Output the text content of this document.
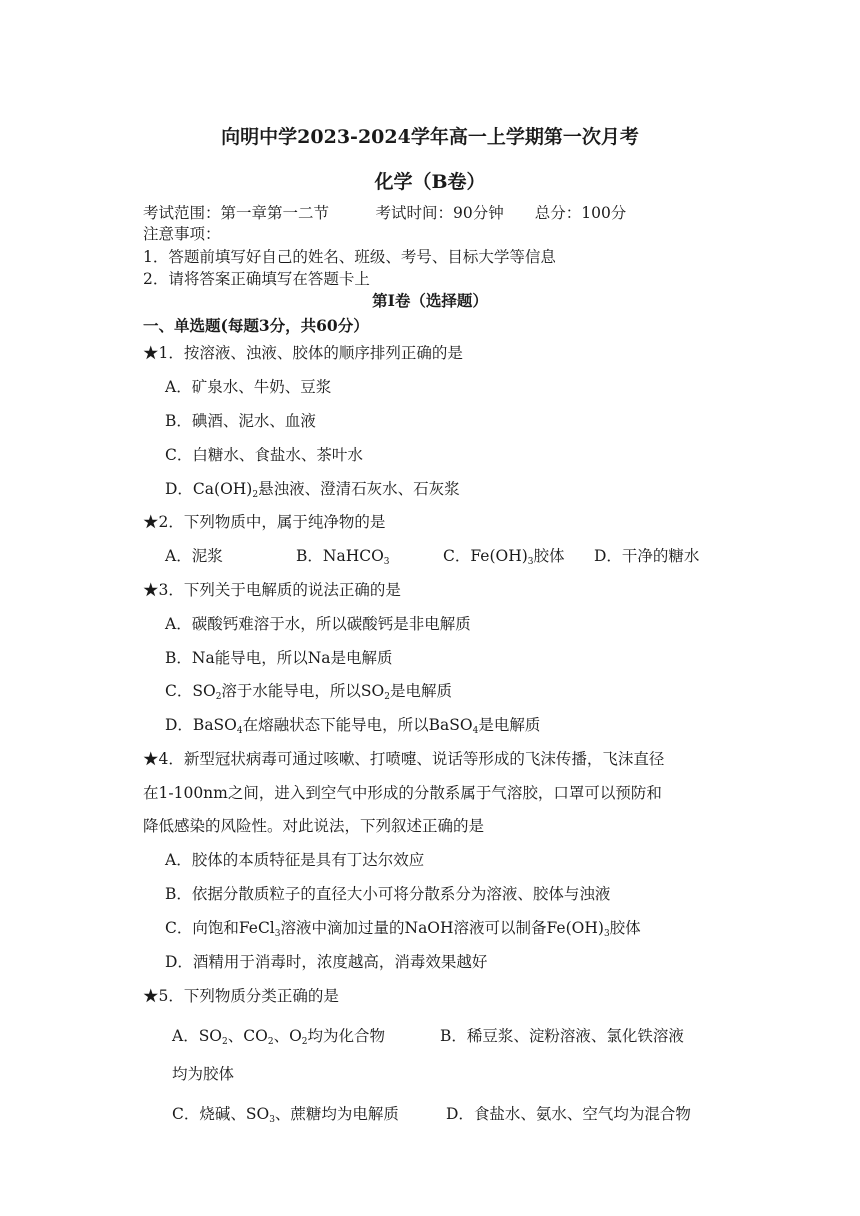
向明中学2023-2024学年高一上学期第一次月考
化学（B卷）
考试范围：第一章第一二节　　　考试时间：90分钟　　总分：100分
注意事项：
1．答题前填写好自己的姓名、班级、考号、目标大学等信息
2．请将答案正确填写在答题卡上
第I卷（选择题）
一、单选题(每题3分，共60分）
★1．按溶液、浊液、胶体的顺序排列正确的是
A．矿泉水、牛奶、豆浆
B．碘酒、泥水、血液
C．白糖水、食盐水、茶叶水
D．$Ca(OH)_2$悬浊液、澄清石灰水、石灰浆
★2．下列物质中，属于纯净物的是
A．泥浆	B．NaHCO$_3$	C．$Fe(OH)_3$胶体 D．干净的糖水
★3．下列关于电解质的说法正确的是
A．碳酸钙难溶于水，所以碳酸钙是非电解质
B．Na能导电，所以Na是电解质
C．$SO_2$溶于水能导电，所以$SO_2$是电解质
D．BaSO$_4$在熔融状态下能导电，所以BaSO$_4$是电解质
★4．新型冠状病毒可通过咳嗽、打喷嚏、说话等形成的飞沫传播，飞沫直径
在1-100nm之间，进入到空气中形成的分散系属于气溶胶，口罩可以预防和
降低感染的风险性。对此说法，下列叙述正确的是
A．胶体的本质特征是具有丁达尔效应
B．依据分散质粒子的直径大小可将分散系分为溶液、胶体与浊液
C．向饱和FeCl$_3$溶液中滴加过量的NaOH溶液可以制备$Fe(OH)_3$胶体
D．酒精用于消毒时，浓度越高，消毒效果越好
★5．下列物质分类正确的是
A．$SO_2$、$CO_2$、$O_2$均为化合物	B．稀豆浆、淀粉溶液、氯化铁溶液
均为胶体
C．烧碱、$SO_3$、蔗糖均为电解质	D．食盐水、氨水、空气均为混合物
